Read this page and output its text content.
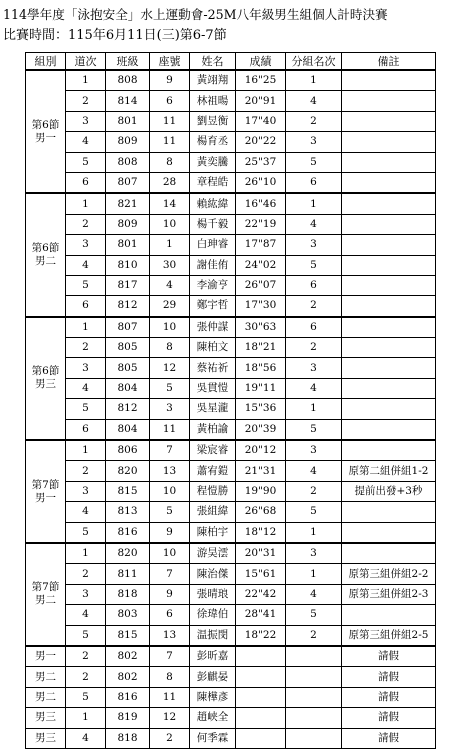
114學年度「泳抱安全」水上運動會-25M八年級男生組個人計時決賽
比賽時間：115年6月11日(三)第6-7節
組別	道次	班級	座號	姓名	成績	分組名次	備註

第6節
男一	1	808	9	黃翊翔	16"25	1	
	2	814	6	林祖暘	20"91	4	
	3	801	11	劉昱衡	17"40	2	
	4	809	11	楊育丞	20"22	3	
	5	808	8	黃奕騰	25"37	5	
	6	807	28	章程皓	26"10	6	

第6節
男二	1	821	14	賴紘緯	16"46	1	
	2	809	10	楊千毅	22"19	4	
	3	801	1	白珅睿	17"87	3	
	4	810	30	謝佳侑	24"02	5	
	5	817	4	李渝亨	26"07	6	
	6	812	29	鄭宇哲	17"30	2	

第6節
男三	1	807	10	張仲謀	30"63	6	
	2	805	8	陳柏文	18"21	2	
	3	805	12	蔡祐祈	18"56	3	
	4	804	5	吳貫愷	19"11	4	
	5	812	3	吳星瀧	15"36	1	
	6	804	11	黃柏諭	20"39	5	

第7節
男一	1	806	7	梁宸睿	20"12	3	
	2	820	13	蕭宥鎧	21"31	4	原第二組併組1-2
	3	815	10	程愷勝	19"90	2	提前出發+3秒
	4	813	5	張組緯	26"68	5	
	5	816	9	陳柏宇	18"12	1	

第7節
男二	1	820	10	游昊澐	20"31	3	
	2	811	7	陳治傑	15"61	1	原第三組併組2-2
	3	818	9	張晴琅	22"42	4	原第三組併組2-3
	4	803	6	徐瑋伯	28"41	5	
	5	815	13	温振閔	18"22	2	原第三組併組2-5
男一	2	802	7	彭昕嘉			請假
男二	2	802	8	彭麒晏			請假
男二	5	816	11	陳樺彥			請假
男三	1	819	12	趙峡全			請假
男三	4	818	2	何季霖			請假
